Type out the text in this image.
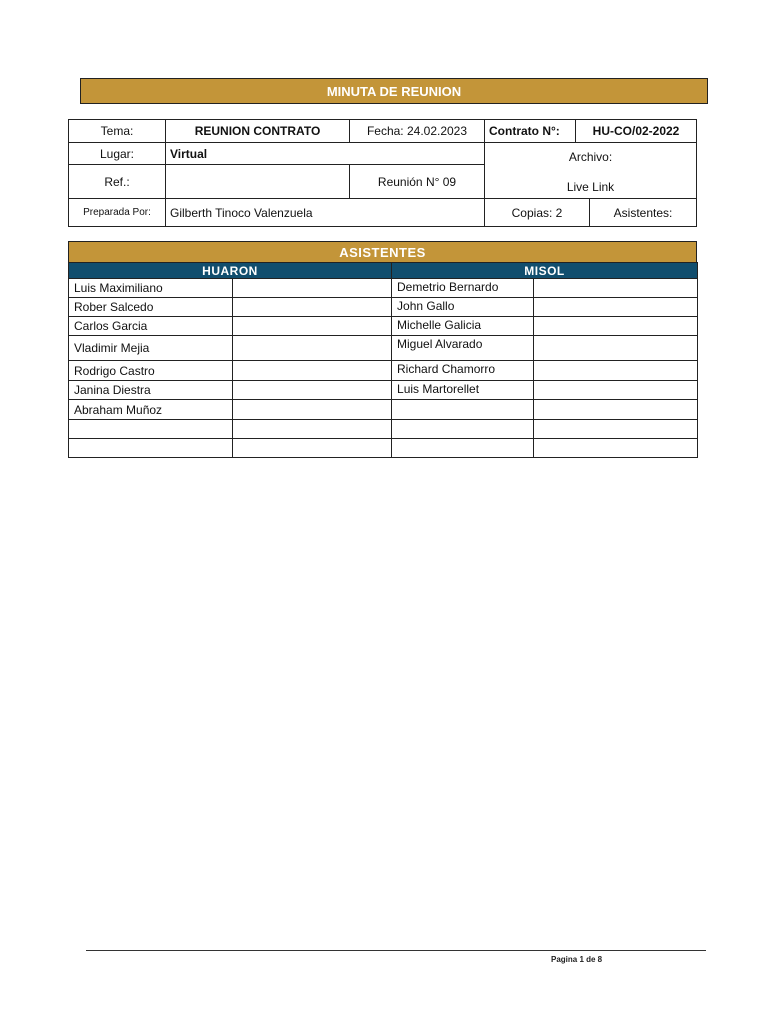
MINUTA DE REUNION
Tema:	REUNION CONTRATO	Fecha: 24.02.2023	Contrato N°:	HU-CO/02-2022	
Lugar:	Virtual		Archivo:
Live Link		

Ref.:		Reunión N° 09			
Preparada Por:	Gilberth Tinoco Valenzuela		Copias: 2		Asistentes:
ASISTENTES
HUARON		MISOL	
Luis Maximiliano		Demetrio Bernardo	
Rober Salcedo		John Gallo	
Carlos Garcia		Michelle Galicia	
Vladimir Mejia		Miguel Alvarado	
Rodrigo Castro		Richard Chamorro	
Janina Diestra		Luis Martorellet	
Abraham Muñoz			

Pagina 1 de 8
